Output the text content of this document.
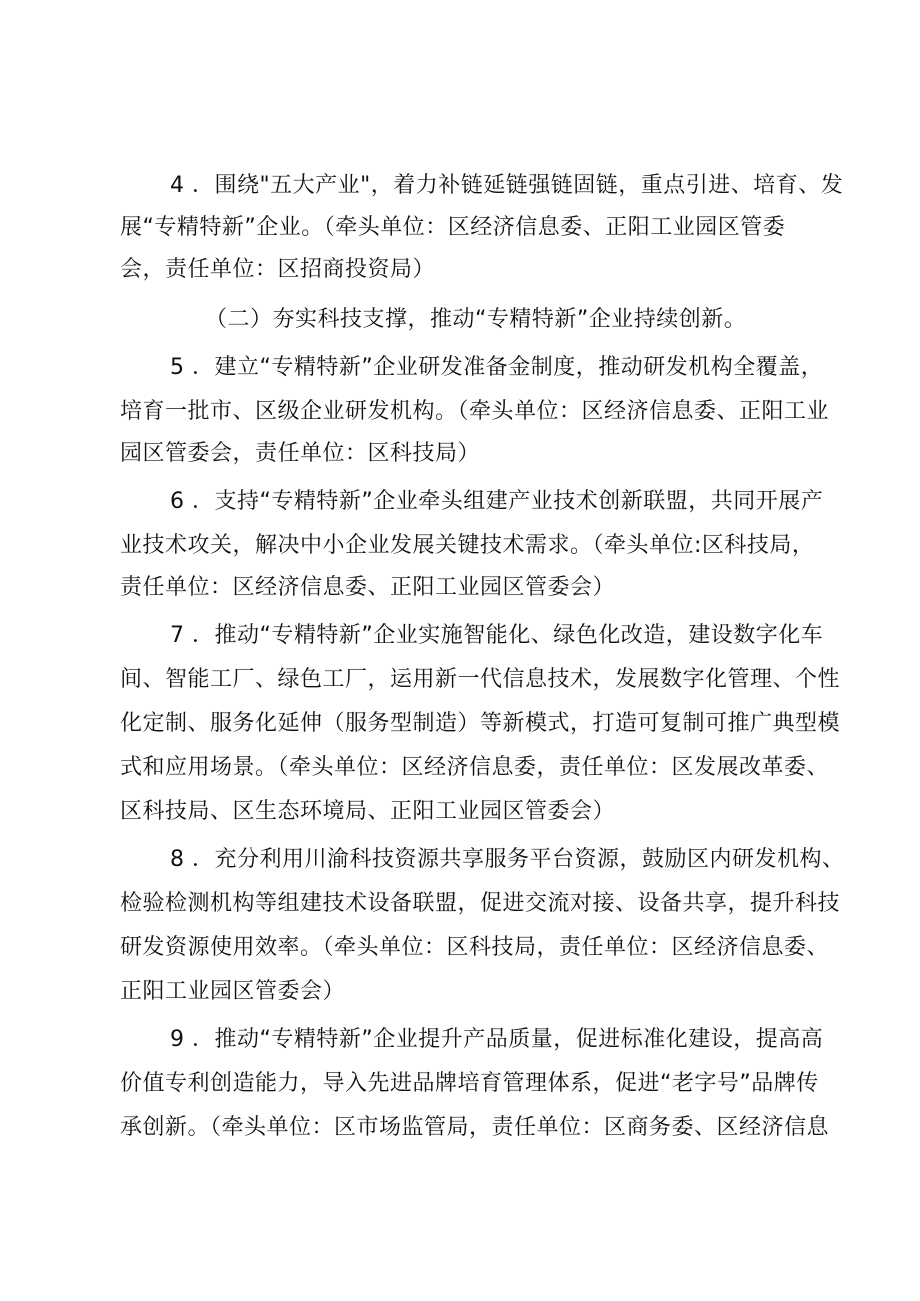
4 ．围绕"五大产业"，着力补链延链强链固链，重点引进、培育、发
展“专精特新”企业。（牵头单位：区经济信息委、正阳工业园区管委
会，责任单位：区招商投资局）
（二）夯实科技支撑，推动“专精特新”企业持续创新。
5 ．建立“专精特新”企业研发准备金制度，推动研发机构全覆盖，
培育一批市、区级企业研发机构。（牵头单位：区经济信息委、正阳工业
园区管委会，责任单位：区科技局）
6 ．支持“专精特新”企业牵头组建产业技术创新联盟，共同开展产
业技术攻关，解决中小企业发展关键技术需求。（牵头单位:区科技局，
责任单位：区经济信息委、正阳工业园区管委会）
7 ．推动“专精特新”企业实施智能化、绿色化改造，建设数字化车
间、智能工厂、绿色工厂，运用新一代信息技术，发展数字化管理、个性
化定制、服务化延伸（服务型制造）等新模式，打造可复制可推广典型模
式和应用场景。（牵头单位：区经济信息委，责任单位：区发展改革委、
区科技局、区生态环境局、正阳工业园区管委会）
8 ．充分利用川渝科技资源共享服务平台资源，鼓励区内研发机构、
检验检测机构等组建技术设备联盟，促进交流对接、设备共享，提升科技
研发资源使用效率。（牵头单位：区科技局，责任单位：区经济信息委、
正阳工业园区管委会）
9 ．推动“专精特新”企业提升产品质量，促进标准化建设，提高高
价值专利创造能力，导入先进品牌培育管理体系，促进“老字号”品牌传
承创新。（牵头单位：区市场监管局，责任单位：区商务委、区经济信息
